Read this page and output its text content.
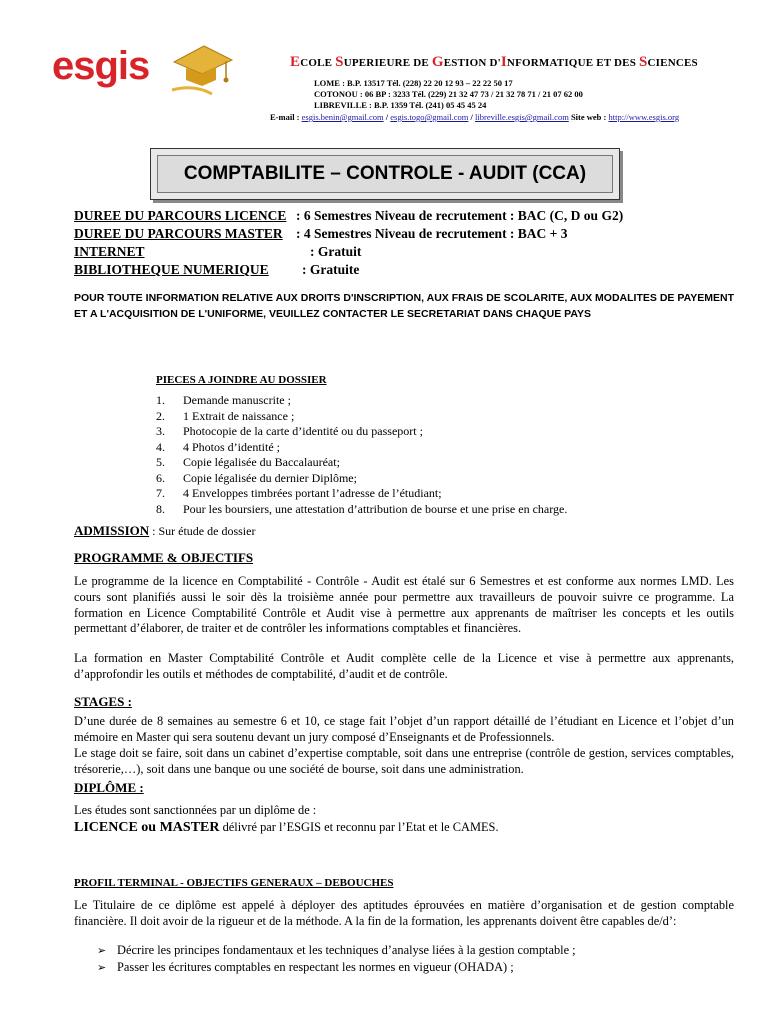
esgis	ECOLE SUPERIEURE DE GESTION D'INFORMATIQUE ET DES SCIENCES
LOME : B.P. 13517 Tél. (228) 22 20 12 93 – 22 22 50 17
COTONOU : 06 BP : 3233 Tél. (229) 21 32 47 73 / 21 32 78 71 / 21 07 62 00
LIBREVILLE : B.P. 1359 Tél. (241) 05 45 45 24
E-mail : esgis.benin@gmail.com / esgis.togo@gmail.com / libreville.esgis@gmail.com Site web : http://www.esgis.org
COMPTABILITE – CONTROLE - AUDIT (CCA)
DUREE DU PARCOURS LICENCE : 6 Semestres Niveau de recrutement : BAC (C, D ou G2)
DUREE DU PARCOURS MASTER : 4 Semestres Niveau de recrutement : BAC + 3
INTERNET	: Gratuit
BIBLIOTHEQUE NUMERIQUE : Gratuite
POUR TOUTE INFORMATION RELATIVE AUX DROITS D'INSCRIPTION, AUX FRAIS DE SCOLARITE, AUX MODALITES DE PAYEMENT ET A L'ACQUISITION DE L'UNIFORME, VEUILLEZ CONTACTER LE SECRETARIAT DANS CHAQUE PAYS
PIECES A JOINDRE AU DOSSIER
1. Demande manuscrite ;
2. 1 Extrait de naissance ;
3. Photocopie de la carte d’identité ou du passeport ;
4. 4 Photos d’identité ;
5. Copie légalisée du Baccalauréat;
6. Copie légalisée du dernier Diplôme;
7. 4 Enveloppes timbrées portant l’adresse de l’étudiant;
8. Pour les boursiers, une attestation d’attribution de bourse et une prise en charge.
ADMISSION : Sur étude de dossier
PROGRAMME & OBJECTIFS
Le programme de la licence en Comptabilité - Contrôle - Audit est étalé sur 6 Semestres et est conforme aux normes LMD. Les cours sont planifiés aussi le soir dès la troisième année pour permettre aux travailleurs de pouvoir suivre ce programme. La formation en Licence Comptabilité Contrôle et Audit vise à permettre aux apprenants de maîtriser les concepts et les outils permettant d’élaborer, de traiter et de contrôler les informations comptables et financières.
La formation en Master Comptabilité Contrôle et Audit complète celle de la Licence et vise à permettre aux apprenants, d’approfondir les outils et méthodes de comptabilité, d’audit et de contrôle.
STAGES :
D’une durée de 8 semaines au semestre 6 et 10, ce stage fait l’objet d’un rapport détaillé de l’étudiant en Licence et l’objet d’un mémoire en Master qui sera soutenu devant un jury composé d’Enseignants et de Professionnels.
Le stage doit se faire, soit dans un cabinet d’expertise comptable, soit dans une entreprise (contrôle de gestion, services comptables, trésorerie,…), soit dans une banque ou une société de bourse, soit dans une administration.
DIPLÔME :
Les études sont sanctionnées par un diplôme de :
LICENCE ou MASTER délivré par l’ESGIS et reconnu par l’Etat et le CAMES.
PROFIL TERMINAL - OBJECTIFS GENERAUX – DEBOUCHES
Le Titulaire de ce diplôme est appelé à déployer des aptitudes éprouvées en matière d’organisation et de gestion comptable financière. Il doit avoir de la rigueur et de la méthode. A la fin de la formation, les apprenants doivent être capables de/d’:
➢ Décrire les principes fondamentaux et les techniques d’analyse liées à la gestion comptable ;
➢ Passer les écritures comptables en respectant les normes en vigueur (OHADA) ;
